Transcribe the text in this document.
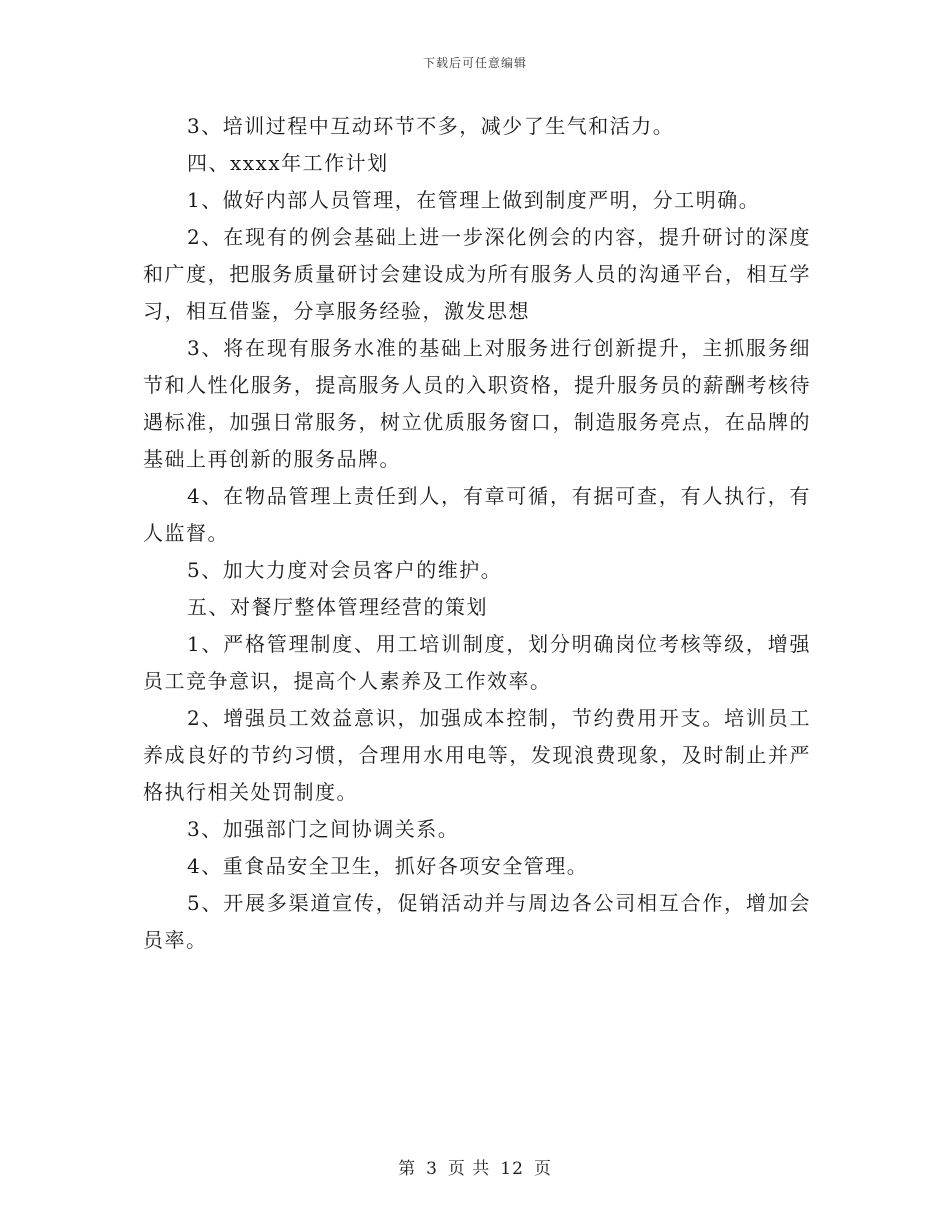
下载后可任意编辑

3、培训过程中互动环节不多，减少了生气和活力。

四、xxxx年工作计划

1、做好内部人员管理，在管理上做到制度严明，分工明确。

2、在现有的例会基础上进一步深化例会的内容，提升研讨的深度和广度，把服务质量研讨会建设成为所有服务人员的沟通平台，相互学习，相互借鉴，分享服务经验，激发思想

3、将在现有服务水准的基础上对服务进行创新提升，主抓服务细节和人性化服务，提高服务人员的入职资格，提升服务员的薪酬考核待遇标准，加强日常服务，树立优质服务窗口，制造服务亮点，在品牌的基础上再创新的服务品牌。

4、在物品管理上责任到人，有章可循，有据可查，有人执行，有人监督。

5、加大力度对会员客户的维护。

五、对餐厅整体管理经营的策划

1、严格管理制度、用工培训制度，划分明确岗位考核等级，增强员工竞争意识，提高个人素养及工作效率。

2、增强员工效益意识，加强成本控制，节约费用开支。培训员工养成良好的节约习惯，合理用水用电等，发现浪费现象，及时制止并严格执行相关处罚制度。

3、加强部门之间协调关系。

4、重食品安全卫生，抓好各项安全管理。

5、开展多渠道宣传，促销活动并与周边各公司相互合作，增加会员率。

第 3 页 共 12 页
